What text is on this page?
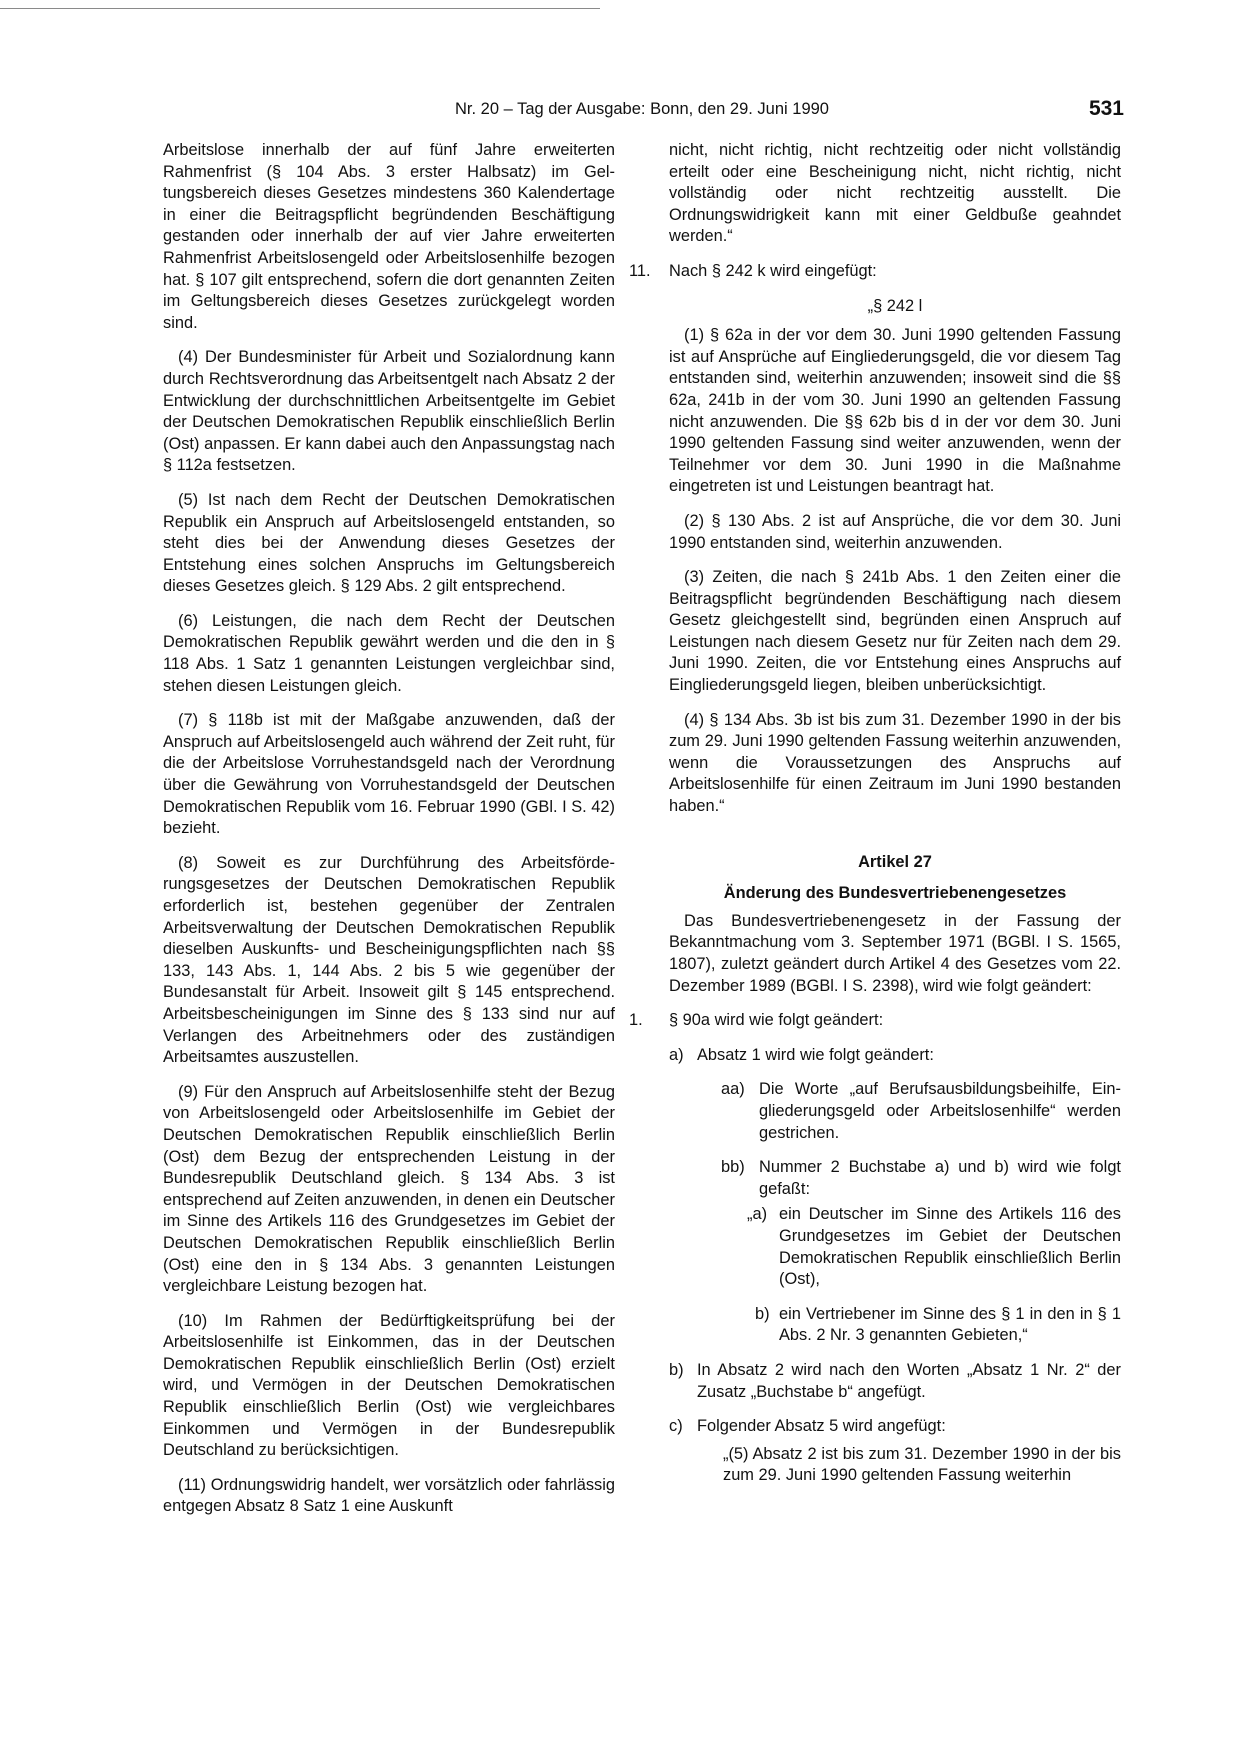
Nr. 20 – Tag der Ausgabe: Bonn, den 29. Juni 1990	531

Arbeitslose innerhalb der auf fünf Jahre erweiterten Rahmenfrist (§ 104 Abs. 3 erster Halbsatz) im Geltungsbereich dieses Gesetzes mindestens 360 Kalendertage in einer die Beitragspflicht begründenden Beschäftigung gestanden oder innerhalb der auf vier Jahre erweiterten Rahmenfrist Arbeitslosengeld oder Arbeitslosenhilfe bezogen hat. § 107 gilt entsprechend, sofern die dort genannten Zeiten im Geltungsbereich dieses Gesetzes zurückgelegt worden sind.

(4) Der Bundesminister für Arbeit und Sozialordnung kann durch Rechtsverordnung das Arbeitsentgelt nach Absatz 2 der Entwicklung der durchschnittlichen Arbeitsentgelte im Gebiet der Deutschen Demokratischen Republik einschließlich Berlin (Ost) anpassen. Er kann dabei auch den Anpassungstag nach § 112a festsetzen.

(5) Ist nach dem Recht der Deutschen Demokratischen Republik ein Anspruch auf Arbeitslosengeld entstanden, so steht dies bei der Anwendung dieses Gesetzes der Entstehung eines solchen Anspruchs im Geltungsbereich dieses Gesetzes gleich. § 129 Abs. 2 gilt entsprechend.

(6) Leistungen, die nach dem Recht der Deutschen Demokratischen Republik gewährt werden und die den in § 118 Abs. 1 Satz 1 genannten Leistungen vergleichbar sind, stehen diesen Leistungen gleich.

(7) § 118b ist mit der Maßgabe anzuwenden, daß der Anspruch auf Arbeitslosengeld auch während der Zeit ruht, für die der Arbeitslose Vorruhestandsgeld nach der Verordnung über die Gewährung von Vorruhestandsgeld der Deutschen Demokratischen Republik vom 16. Februar 1990 (GBl. I S. 42) bezieht.

(8) Soweit es zur Durchführung des Arbeitsförderungsgesetzes der Deutschen Demokratischen Republik erforderlich ist, bestehen gegenüber der Zentralen Arbeitsverwaltung der Deutschen Demokratischen Republik dieselben Auskunfts- und Bescheinigungspflichten nach §§ 133, 143 Abs. 1, 144 Abs. 2 bis 5 wie gegenüber der Bundesanstalt für Arbeit. Insoweit gilt § 145 entsprechend. Arbeitsbescheinigungen im Sinne des § 133 sind nur auf Verlangen des Arbeitnehmers oder des zuständigen Arbeitsamtes auszustellen.

(9) Für den Anspruch auf Arbeitslosenhilfe steht der Bezug von Arbeitslosengeld oder Arbeitslosenhilfe im Gebiet der Deutschen Demokratischen Republik einschließlich Berlin (Ost) dem Bezug der entsprechenden Leistung in der Bundesrepublik Deutschland gleich. § 134 Abs. 3 ist entsprechend auf Zeiten anzuwenden, in denen ein Deutscher im Sinne des Artikels 116 des Grundgesetzes im Gebiet der Deutschen Demokratischen Republik einschließlich Berlin (Ost) eine den in § 134 Abs. 3 genannten Leistungen vergleichbare Leistung bezogen hat.

(10) Im Rahmen der Bedürftigkeitsprüfung bei der Arbeitslosenhilfe ist Einkommen, das in der Deutschen Demokratischen Republik einschließlich Berlin (Ost) erzielt wird, und Vermögen in der Deutschen Demokratischen Republik einschließlich Berlin (Ost) wie vergleichbares Einkommen und Vermögen in der Bundesrepublik Deutschland zu berücksichtigen.

(11) Ordnungswidrig handelt, wer vorsätzlich oder fahrlässig entgegen Absatz 8 Satz 1 eine Auskunft

nicht, nicht richtig, nicht rechtzeitig oder nicht vollständig erteilt oder eine Bescheinigung nicht, nicht richtig, nicht vollständig oder nicht rechtzeitig ausstellt. Die Ordnungswidrigkeit kann mit einer Geldbuße geahndet werden.“

11. Nach § 242 k wird eingefügt:

„§ 242 l

(1) § 62a in der vor dem 30. Juni 1990 geltenden Fassung ist auf Ansprüche auf Eingliederungsgeld, die vor diesem Tag entstanden sind, weiterhin anzuwenden; insoweit sind die §§ 62a, 241b in der vom 30. Juni 1990 an geltenden Fassung nicht anzuwenden. Die §§ 62b bis d in der vor dem 30. Juni 1990 geltenden Fassung sind weiter anzuwenden, wenn der Teilnehmer vor dem 30. Juni 1990 in die Maßnahme eingetreten ist und Leistungen beantragt hat.

(2) § 130 Abs. 2 ist auf Ansprüche, die vor dem 30. Juni 1990 entstanden sind, weiterhin anzuwenden.

(3) Zeiten, die nach § 241b Abs. 1 den Zeiten einer die Beitragspflicht begründenden Beschäftigung nach diesem Gesetz gleichgestellt sind, begründen einen Anspruch auf Leistungen nach diesem Gesetz nur für Zeiten nach dem 29. Juni 1990. Zeiten, die vor Entstehung eines Anspruchs auf Eingliederungsgeld liegen, bleiben unberücksichtigt.

(4) § 134 Abs. 3b ist bis zum 31. Dezember 1990 in der bis zum 29. Juni 1990 geltenden Fassung weiterhin anzuwenden, wenn die Voraussetzungen des Anspruchs auf Arbeitslosenhilfe für einen Zeitraum im Juni 1990 bestanden haben.“

Artikel 27
Änderung des Bundesvertriebenengesetzes

Das Bundesvertriebenengesetz in der Fassung der Bekanntmachung vom 3. September 1971 (BGBl. I S. 1565, 1807), zuletzt geändert durch Artikel 4 des Gesetzes vom 22. Dezember 1989 (BGBl. I S. 2398), wird wie folgt geändert:

1. § 90a wird wie folgt geändert:
a) Absatz 1 wird wie folgt geändert:
aa) Die Worte „auf Berufsausbildungsbeihilfe, Eingliederungsgeld oder Arbeitslosenhilfe“ werden gestrichen.
bb) Nummer 2 Buchstabe a) und b) wird wie folgt gefaßt:
„a) ein Deutscher im Sinne des Artikels 116 des Grundgesetzes im Gebiet der Deutschen Demokratischen Republik einschließlich Berlin (Ost),
b) ein Vertriebener im Sinne des § 1 in den in § 1 Abs. 2 Nr. 3 genannten Gebieten,“
b) In Absatz 2 wird nach den Worten „Absatz 1 Nr. 2“ der Zusatz „Buchstabe b“ angefügt.
c) Folgender Absatz 5 wird angefügt:

„(5) Absatz 2 ist bis zum 31. Dezember 1990 in der bis zum 29. Juni 1990 geltenden Fassung weiterhin
